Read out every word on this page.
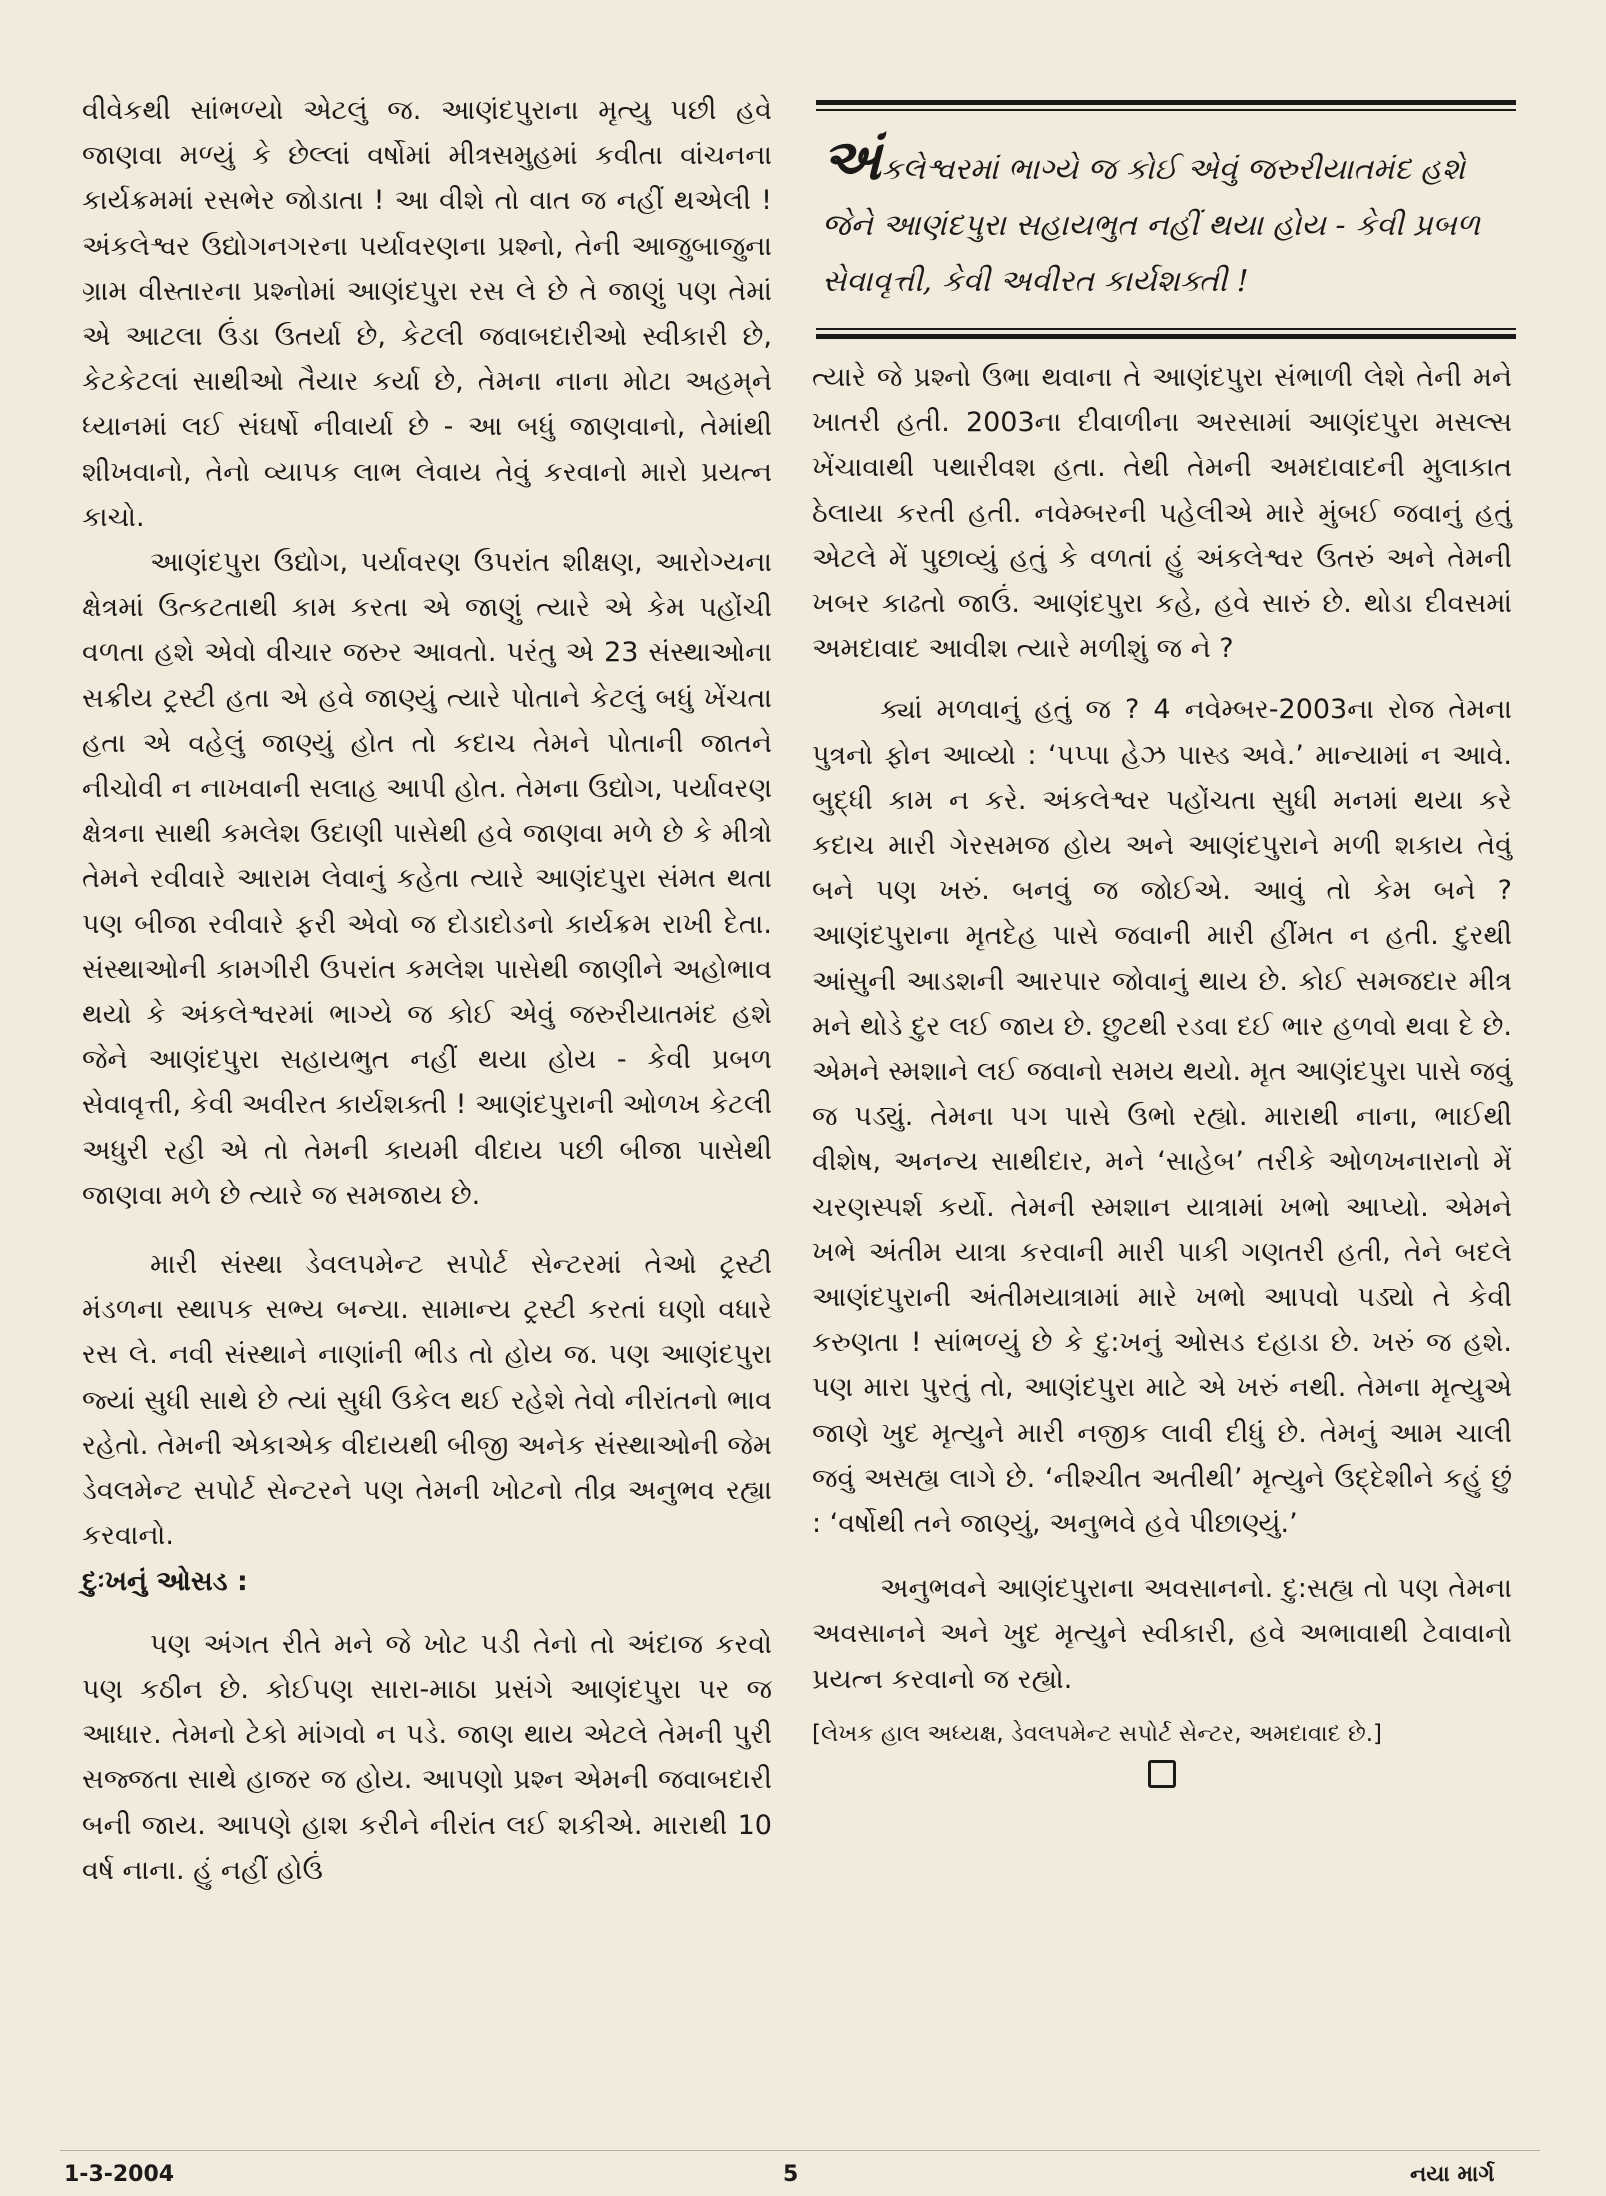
વીવેકથી સાંભળ્યો એટલું જ. આણંદપુરાના મૃત્યુ પછી હવે જાણવા મળ્યું કે છેલ્લાં વર્ષોમાં મીત્રસમુહમાં કવીતા વાંચનના કાર્યક્રમમાં રસભેર જોડાતા ! આ વીશે તો વાત જ નહીં થએલી ! અંકલેશ્વર ઉદ્યોગનગરના પર્યાવરણના પ્રશ્નો, તેની આજુબાજુના ગ્રામ વીસ્તારના પ્રશ્નોમાં આણંદપુરા રસ લે છે તે જાણું પણ તેમાં એ આટલા ઉંડા ઉતર્યા છે, કેટલી જવાબદારીઓ સ્વીકારી છે, કેટકેટલાં સાથીઓ તૈયાર કર્યા છે, તેમના નાના મોટા અહમ્‌ને ધ્યાનમાં લઈ સંઘર્ષો નીવાર્યા છે - આ બધું જાણવાનો, તેમાંથી શીખવાનો, તેનો વ્યાપક લાભ લેવાય તેવું કરવાનો મારો પ્રયત્ન કાચો.

આણંદપુરા ઉદ્યોગ, પર્યાવરણ ઉપરાંત શીક્ષણ, આરોગ્યના ક્ષેત્રમાં ઉત્કટતાથી કામ કરતા એ જાણું ત્યારે એ કેમ પહોંચી વળતા હશે એવો વીચાર જરુર આવતો. પરંતુ એ 23 સંસ્થાઓના સક્રીય ટ્રસ્ટી હતા એ હવે જાણ્યું ત્યારે પોતાને કેટલું બધું ખેંચતા હતા એ વહેલું જાણ્યું હોત તો કદાચ તેમને પોતાની જાતને નીચોવી ન નાખવાની સલાહ આપી હોત. તેમના ઉદ્યોગ, પર્યાવરણ ક્ષેત્રના સાથી કમલેશ ઉદાણી પાસેથી હવે જાણવા મળે છે કે મીત્રો તેમને રવીવારે આરામ લેવાનું કહેતા ત્યારે આણંદપુરા સંમત થતા પણ બીજા રવીવારે ફરી એવો જ દોડાદોડનો કાર્યક્રમ રાખી દેતા. સંસ્થાઓની કામગીરી ઉપરાંત કમલેશ પાસેથી જાણીને અહોભાવ થયો કે અંકલેશ્વરમાં ભાગ્યે જ કોઈ એવું જરુરીયાતમંદ હશે જેને આણંદપુરા સહાયભુત નહીં થયા હોય - કેવી પ્રબળ સેવાવૃત્તી, કેવી અવીરત કાર્યશક્તી ! આણંદપુરાની ઓળખ કેટલી અધુરી રહી એ તો તેમની કાયમી વીદાય પછી બીજા પાસેથી જાણવા મળે છે ત્યારે જ સમજાય છે.

મારી સંસ્થા ડેવલપમેન્ટ સપોર્ટ સેન્ટરમાં તેઓ ટ્રસ્ટી મંડળના સ્થાપક સભ્ય બન્યા. સામાન્ય ટ્રસ્ટી કરતાં ઘણો વધારે રસ લે. નવી સંસ્થાને નાણાંની ભીડ તો હોય જ. પણ આણંદપુરા જ્યાં સુધી સાથે છે ત્યાં સુધી ઉકેલ થઈ રહેશે તેવો નીરાંતનો ભાવ રહેતો. તેમની એકાએક વીદાયથી બીજી અનેક સંસ્થાઓની જેમ ડેવલમેન્ટ સપોર્ટ સેન્ટરને પણ તેમની ખોટનો તીવ્ર અનુભવ રહ્યા કરવાનો.

દુઃખનું ઓસડ :

પણ અંગત રીતે મને જે ખોટ પડી તેનો તો અંદાજ કરવો પણ કઠીન છે. કોઈપણ સારા-માઠા પ્રસંગે આણંદપુરા પર જ આધાર. તેમનો ટેકો માંગવો ન પડે. જાણ થાય એટલે તેમની પુરી સજ્જતા સાથે હાજર જ હોય. આપણો પ્રશ્ન એમની જવાબદારી બની જાય. આપણે હાશ કરીને નીરાંત લઈ શકીએ. મારાથી 10 વર્ષ નાના. હું નહીં હોઉં

અંકલેશ્વરમાં ભાગ્યે જ કોઈ એવું જરુરીયાતમંદ હશે જેને આણંદપુરા સહાયભુત નહીં થયા હોય - કેવી પ્રબળ સેવાવૃત્તી, કેવી અવીરત કાર્યશક્તી !

ત્યારે જે પ્રશ્નો ઉભા થવાના તે આણંદપુરા સંભાળી લેશે તેની મને ખાતરી હતી. 2003ના દીવાળીના અરસામાં આણંદપુરા મસલ્સ ખેંચાવાથી પથારીવશ હતા. તેથી તેમની અમદાવાદની મુલાકાત ઠેલાયા કરતી હતી. નવેમ્બરની પહેલીએ મારે મુંબઈ જવાનું હતું એટલે મેં પુછાવ્યું હતું કે વળતાં હું અંકલેશ્વર ઉતરું અને તેમની ખબર કાઢતો જાઉં. આણંદપુરા કહે, હવે સારું છે. થોડા દીવસમાં અમદાવાદ આવીશ ત્યારે મળીશું જ ને ?

ક્યાં મળવાનું હતું જ ? 4 નવેમ્બર-2003ના રોજ તેમના પુત્રનો ફોન આવ્યો : ‘પપ્પા હેઝ પાસ્ડ અવે.’ માન્યામાં ન આવે. બુદ્ધી કામ ન કરે. અંકલેશ્વર પહોંચતા સુધી મનમાં થયા કરે કદાચ મારી ગેરસમજ હોય અને આણંદપુરાને મળી શકાય તેવું બને પણ ખરું. બનવું જ જોઈએ. આવું તો કેમ બને ? આણંદપુરાના મૃતદેહ પાસે જવાની મારી હીંમત ન હતી. દુરથી આંસુની આડશની આરપાર જોવાનું થાય છે. કોઈ સમજદાર મીત્ર મને થોડે દુર લઈ જાય છે. છુટથી રડવા દઈ ભાર હળવો થવા દે છે. એમને સ્મશાને લઈ જવાનો સમય થયો. મૃત આણંદપુરા પાસે જવું જ પડ્યું. તેમના પગ પાસે ઉભો રહ્યો. મારાથી નાના, ભાઈથી વીશેષ, અનન્ય સાથીદાર, મને ‘સાહેબ’ તરીકે ઓળખનારાનો મેં ચરણસ્પર્શ કર્યો. તેમની સ્મશાન યાત્રામાં ખભો આપ્યો. એમને ખભે અંતીમ યાત્રા કરવાની મારી પાકી ગણતરી હતી, તેને બદલે આણંદપુરાની અંતીમયાત્રામાં મારે ખભો આપવો પડ્યો તે કેવી કરુણતા ! સાંભળ્યું છે કે દુ:ખનું ઓસડ દહાડા છે. ખરું જ હશે. પણ મારા પુરતું તો, આણંદપુરા માટે એ ખરું નથી. તેમના મૃત્યુએ જાણે ખુદ મૃત્યુને મારી નજીક લાવી દીધું છે. તેમનું આમ ચાલી જવું અસહ્ય લાગે છે. ‘નીશ્ચીત અતીથી’ મૃત્યુને ઉદ્દેશીને કહું છું : ‘વર્ષોથી તને જાણ્યું, અનુભવે હવે પીછાણ્યું.’

અનુભવને આણંદપુરાના અવસાનનો. દુ:સહ્ય તો પણ તેમના અવસાનને અને ખુદ મૃત્યુને સ્વીકારી, હવે અભાવાથી ટેવાવાનો પ્રયત્ન કરવાનો જ રહ્યો.

[લેખક હાલ અધ્યક્ષ, ડેવલપમેન્ટ સપોર્ટ સેન્ટર, અમદાવાદ છે.]

1-3-2004	5	નયા માર્ગ
